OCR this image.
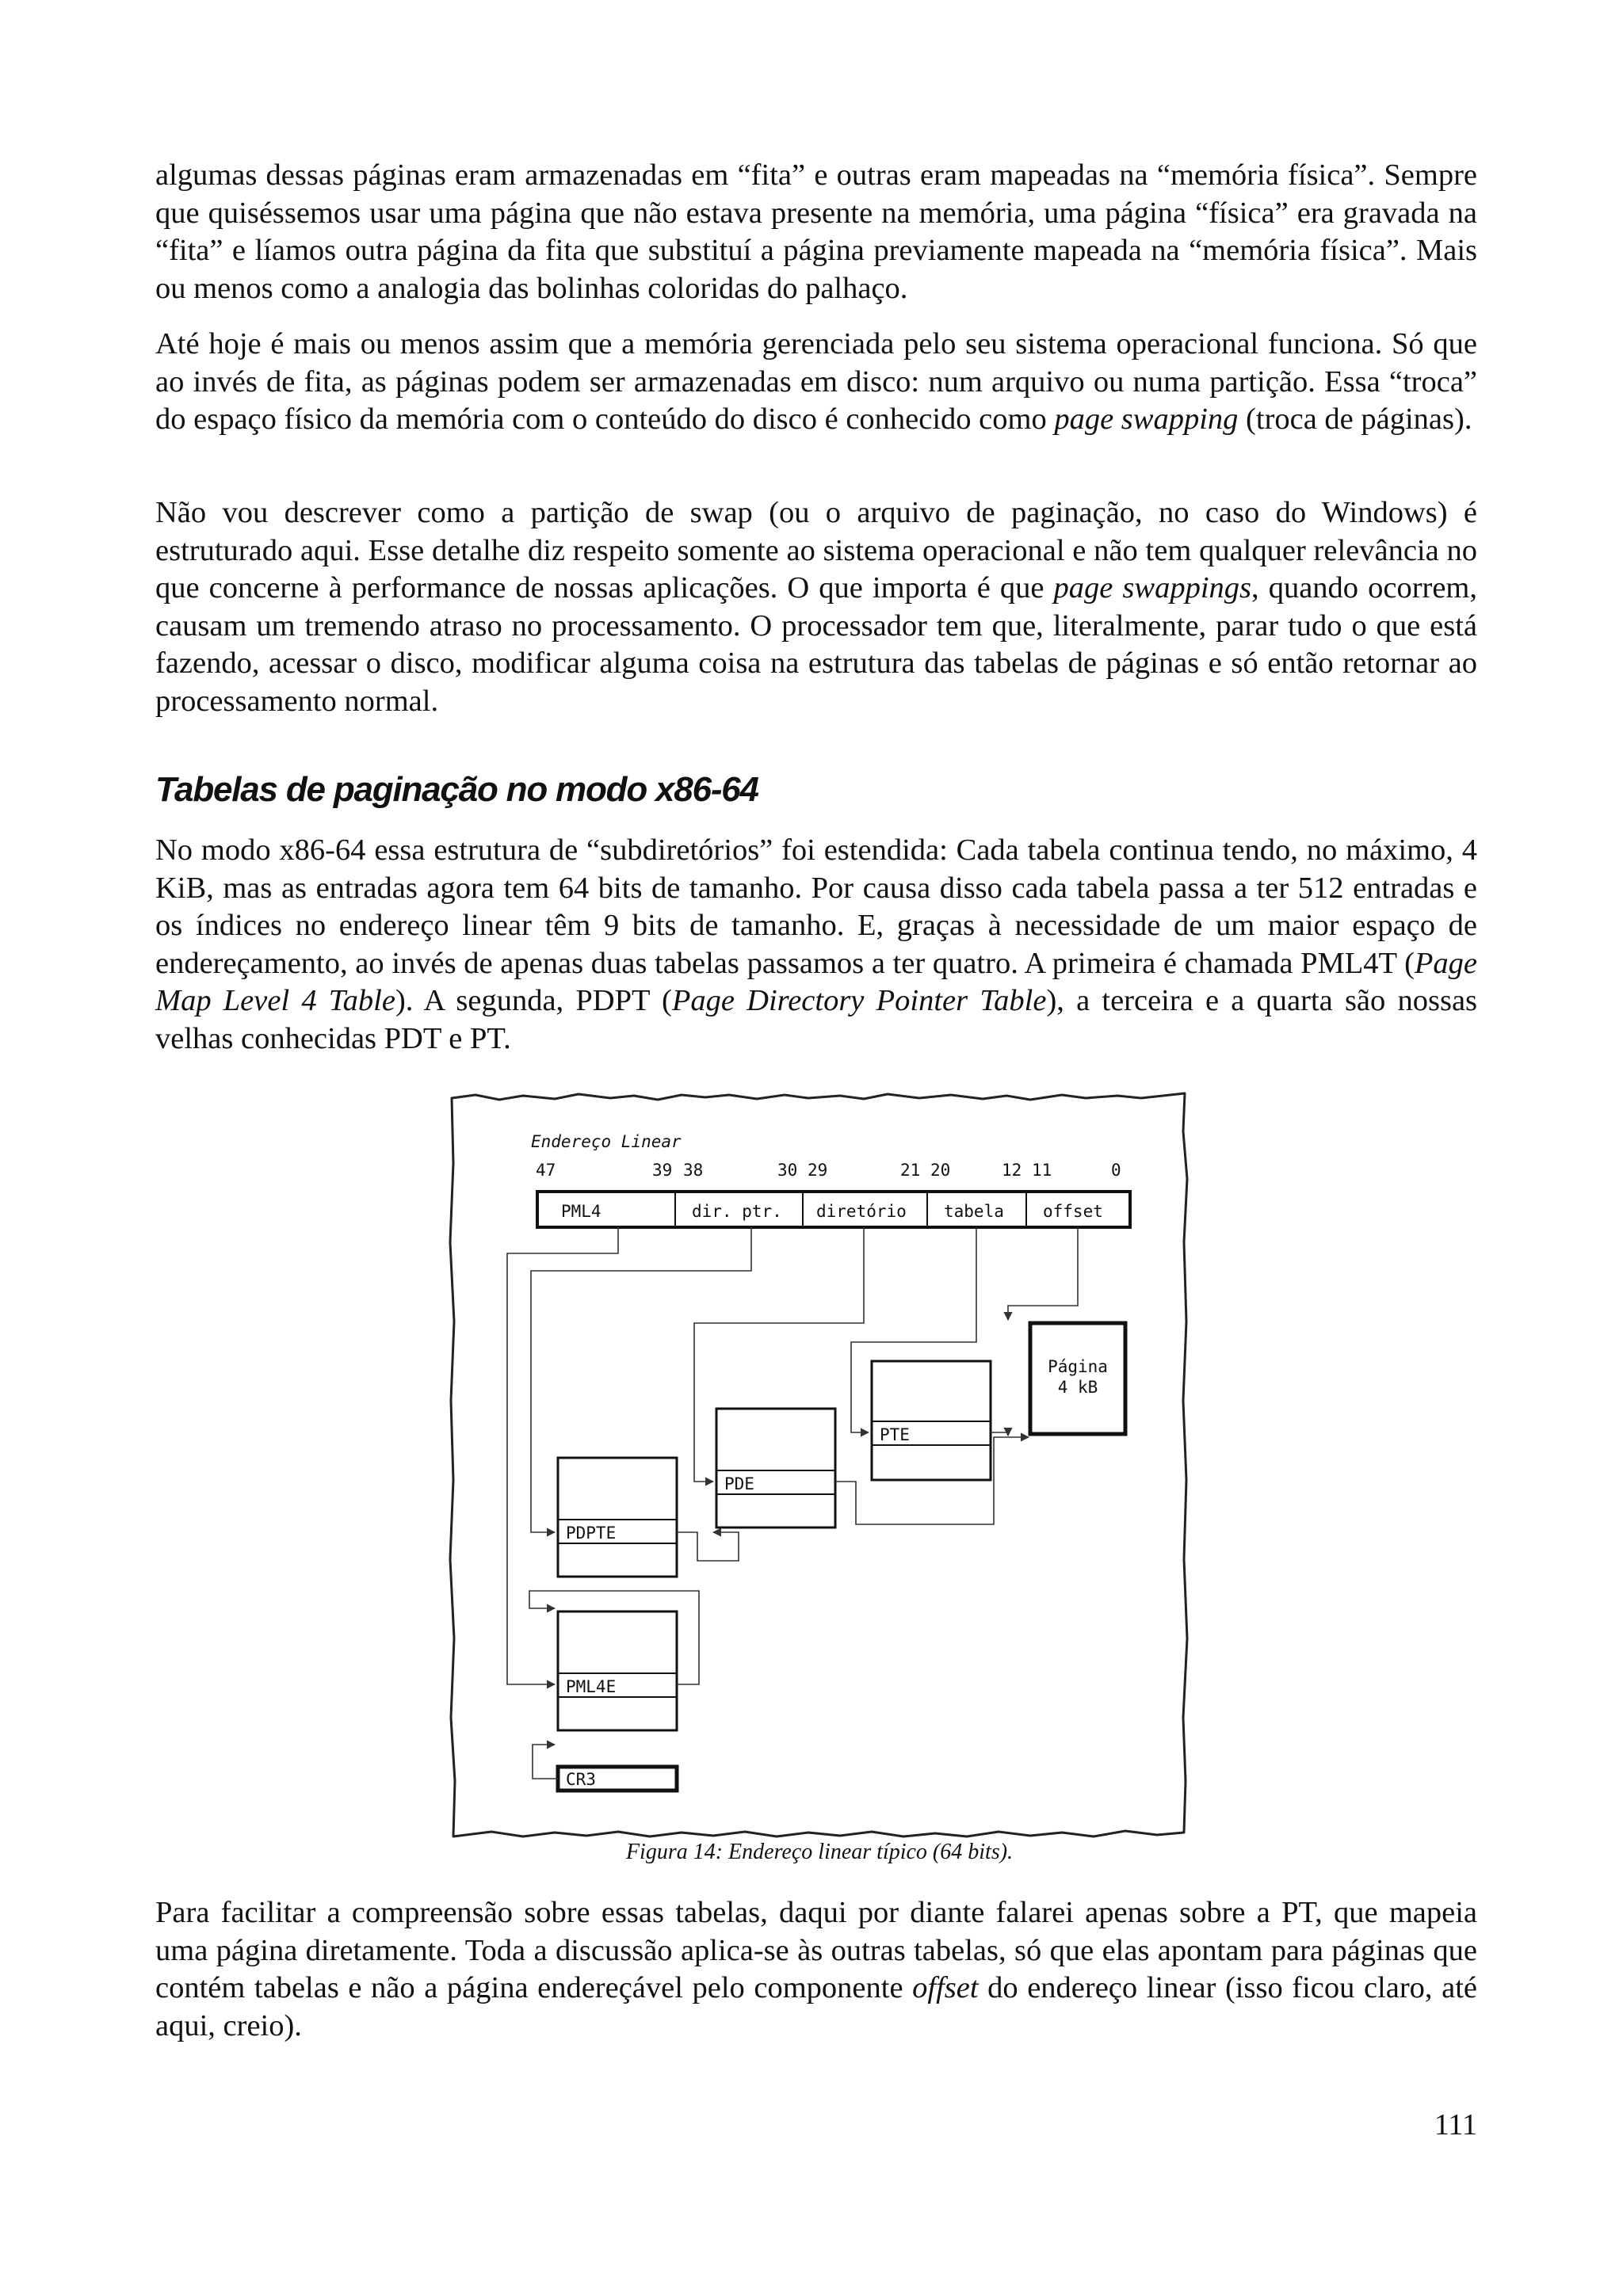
algumas dessas páginas eram armazenadas em “fita” e outras eram mapeadas na “memória física”. Sempre que quiséssemos usar uma página que não estava presente na memória, uma página “física” era gravada na “fita” e líamos outra página da fita que substituí a página previamente mapeada na “memória física”. Mais ou menos como a analogia das bolinhas coloridas do palhaço.

Até hoje é mais ou menos assim que a memória gerenciada pelo seu sistema operacional funciona. Só que ao invés de fita, as páginas podem ser armazenadas em disco: num arquivo ou numa partição. Essa “troca” do espaço físico da memória com o conteúdo do disco é conhecido como page swapping (troca de páginas).

Não vou descrever como a partição de swap (ou o arquivo de paginação, no caso do Windows) é estruturado aqui. Esse detalhe diz respeito somente ao sistema operacional e não tem qualquer relevância no que concerne à performance de nossas aplicações. O que importa é que page swappings, quando ocorrem, causam um tremendo atraso no processamento. O processador tem que, literalmente, parar tudo o que está fazendo, acessar o disco, modificar alguma coisa na estrutura das tabelas de páginas e só então retornar ao processamento normal.

Tabelas de paginação no modo x86-64

No modo x86-64 essa estrutura de “subdiretórios” foi estendida: Cada tabela continua tendo, no máximo, 4 KiB, mas as entradas agora tem 64 bits de tamanho. Por causa disso cada tabela passa a ter 512 entradas e os índices no endereço linear têm 9 bits de tamanho. E, graças à necessidade de um maior espaço de endereçamento, ao invés de apenas duas tabelas passamos a ter quatro. A primeira é chamada PML4T (Page Map Level 4 Table). A segunda, PDPT (Page Directory Pointer Table), a terceira e a quarta são nossas velhas conhecidas PDT e PT.

Endereço Linear
47	39 38	30 29	21 20	12 11	0
PML4	dir. ptr. diretório tabela offset
Página
4 kB
PTE
PDE
PDPTE
PML4E
CR3

Figura 14: Endereço linear típico (64 bits).

Para facilitar a compreensão sobre essas tabelas, daqui por diante falarei apenas sobre a PT, que mapeia uma página diretamente. Toda a discussão aplica-se às outras tabelas, só que elas apontam para páginas que contém tabelas e não a página endereçável pelo componente offset do endereço linear (isso ficou claro, até aqui, creio).

111
